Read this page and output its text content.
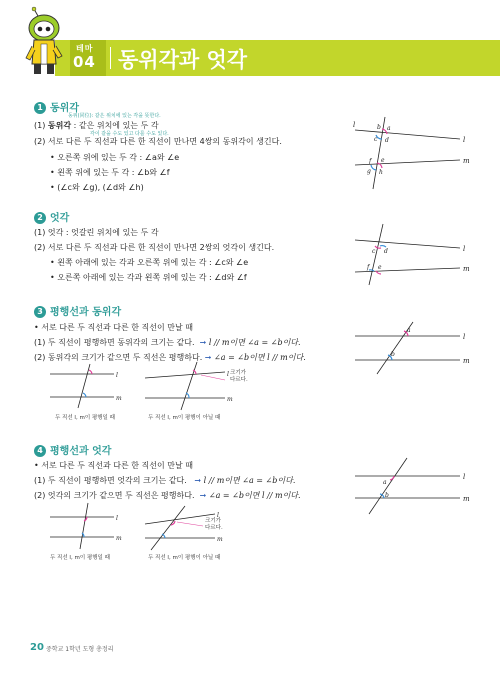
테마
04 동위각과 엇각
1 동위각
동위(同位): 같은 위치에 있는 각을 뜻한다.
(1) 동위각 : 같은 위치에 있는 두 각
각이 같을 수도 있고 다를 수도 있다.
(2) 서로 다른 두 직선과 다른 한 직선이 만나면 4쌍의 동위각이 생긴다.
• 오른쪽 위에 있는 두 각 : ∠a와 ∠e
• 왼쪽 위에 있는 두 각 : ∠b와 ∠f
• (∠c와 ∠g), (∠d와 ∠h)
l
l
m
b a
c d
f e
g h
2 엇각
(1) 엇각 : 엇갈린 위치에 있는 두 각
(2) 서로 다른 두 직선과 다른 한 직선이 만나면 2쌍의 엇각이 생긴다.
• 왼쪽 아래에 있는 각과 오른쪽 위에 있는 각 : ∠c와 ∠e
• 오른쪽 아래에 있는 각과 왼쪽 위에 있는 각 : ∠d와 ∠f
l
m
c d
f e
3 평행선과 동위각
• 서로 다른 두 직선과 다른 한 직선이 만날 때
(1) 두 직선이 평행하면 동위각의 크기는 같다. ➞ l // m이면 ∠a = ∠b이다.
(2) 동위각의 크기가 같으면 두 직선은 평행하다. ➞ ∠a = ∠b이면 l // m이다.
a
b
l
m
l
m
두 직선 l, m이 평행일 때
l
m
크기가
다르다.
두 직선 l, m이 평행이 아닐 때
4 평행선과 엇각
• 서로 다른 두 직선과 다른 한 직선이 만날 때
(1) 두 직선이 평행하면 엇각의 크기는 같다. ➞ l // m이면 ∠a = ∠b이다.
(2) 엇각의 크기가 같으면 두 직선은 평행하다. ➞ ∠a = ∠b이면 l // m이다.
a
b
l
m
l
m
두 직선 l, m이 평행일 때
l
m
크기가
다르다.
두 직선 l, m이 평행이 아닐 때
20 중학교 1학년 도형 총정리
